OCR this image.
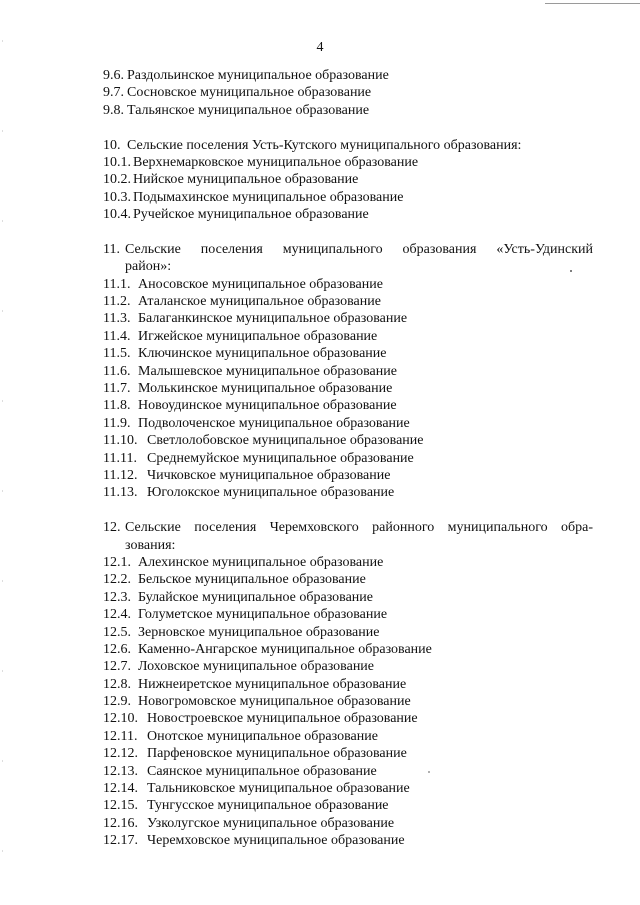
4
9.6. Раздольинское муниципальное образование
9.7. Сосновское муниципальное образование
9.8. Тальянское муниципальное образование
10. Сельские поселения Усть-Кутского муниципального образования:
10.1. Верхнемарковское муниципальное образование
10.2. Нийское муниципальное образование
10.3. Подымахинское муниципальное образование
10.4. Ручейское муниципальное образование
11. Сельские поселения муниципального образования «Усть-Удинский
район»:
11.1. Аносовское муниципальное образование
11.2. Аталанское муниципальное образование
11.3. Балаганкинское муниципальное образование
11.4. Игжейское муниципальное образование
11.5. Ключинское муниципальное образование
11.6. Малышевское муниципальное образование
11.7. Молькинское муниципальное образование
11.8. Новоудинское муниципальное образование
11.9. Подволоченское муниципальное образование
11.10. Светлолобовское муниципальное образование
11.11. Среднемуйское муниципальное образование
11.12. Чичковское муниципальное образование
11.13. Юголокское муниципальное образование
12. Сельские поселения Черемховского районного муниципального обра-
зования:
12.1. Алехинское муниципальное образование
12.2. Бельское муниципальное образование
12.3. Булайское муниципальное образование
12.4. Голуметское муниципальное образование
12.5. Зерновское муниципальное образование
12.6. Каменно-Ангарское муниципальное образование
12.7. Лоховское муниципальное образование
12.8. Нижнеиретское муниципальное образование
12.9. Новогромовское муниципальное образование
12.10. Новостроевское муниципальное образование
12.11. Онотское муниципальное образование
12.12. Парфеновское муниципальное образование
12.13. Саянское муниципальное образование
12.14. Тальниковское муниципальное образование
12.15. Тунгусское муниципальное образование
12.16. Узколугское муниципальное образование
12.17. Черемховское муниципальное образование
